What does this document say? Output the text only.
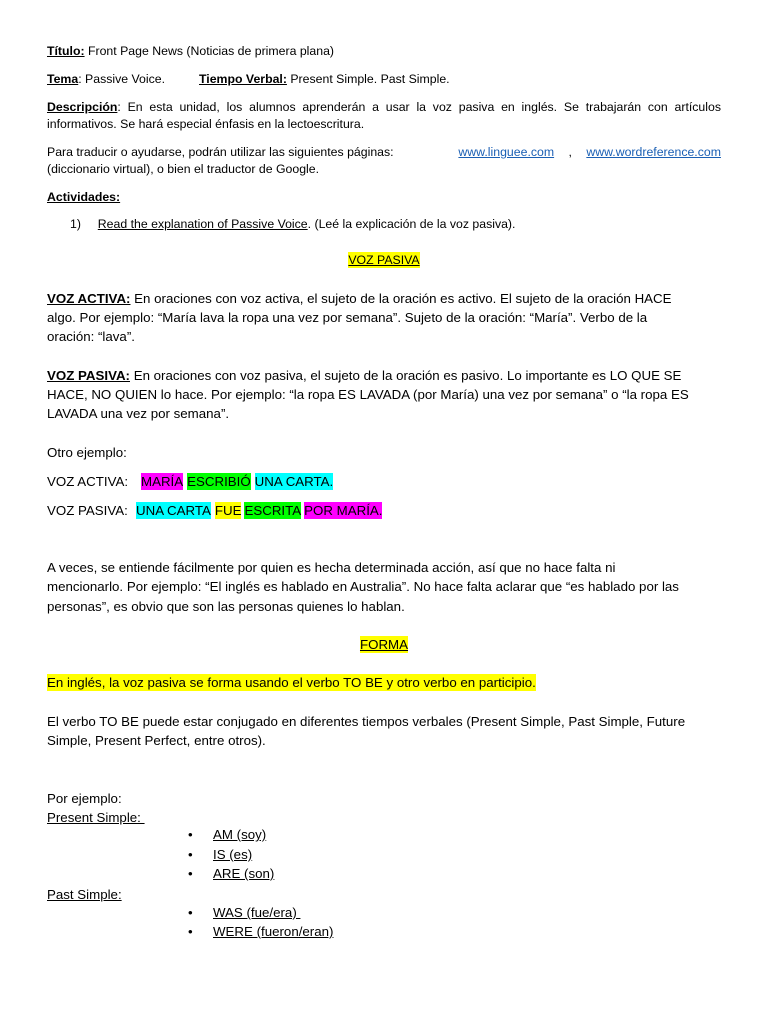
Título: Front Page News (Noticias de primera plana)
Tema: Passive Voice.	Tiempo Verbal: Present Simple. Past Simple.
Descripción: En esta unidad, los alumnos aprenderán a usar la voz pasiva en inglés. Se trabajarán con artículos
informativos. Se hará especial énfasis en la lectoescritura.
Para traducir o ayudarse, podrán utilizar las siguientes páginas:	www.linguee.com , www.wordreference.com
(diccionario virtual), o bien el traductor de Google.
Actividades:
1) Read the explanation of Passive Voice. (Leé la explicación de la voz pasiva).
VOZ PASIVA
VOZ ACTIVA: En oraciones con voz activa, el sujeto de la oración es activo. El sujeto de la oración HACE
algo. Por ejemplo: “María lava la ropa una vez por semana”. Sujeto de la oración: “María”. Verbo de la
oración: “lava”.
VOZ PASIVA: En oraciones con voz pasiva, el sujeto de la oración es pasivo. Lo importante es LO QUE SE
HACE, NO QUIEN lo hace. Por ejemplo: “la ropa ES LAVADA (por María) una vez por semana” o “la ropa ES
LAVADA una vez por semana”.
Otro ejemplo:
VOZ ACTIVA: MARÍA ESCRIBIÓ UNA CARTA.
VOZ PASIVA: UNA CARTA FUE ESCRITA POR MARÍA.
A veces, se entiende fácilmente por quien es hecha determinada acción, así que no hace falta ni
mencionarlo. Por ejemplo: “El inglés es hablado en Australia”. No hace falta aclarar que “es hablado por las
personas”, es obvio que son las personas quienes lo hablan.
FORMA
En inglés, la voz pasiva se forma usando el verbo TO BE y otro verbo en participio.
El verbo TO BE puede estar conjugado en diferentes tiempos verbales (Present Simple, Past Simple, Future
Simple, Present Perfect, entre otros).
Por ejemplo:
Present Simple:
• AM (soy)
• IS (es)
• ARE (son)
Past Simple:
• WAS (fue/era)
• WERE (fueron/eran)
